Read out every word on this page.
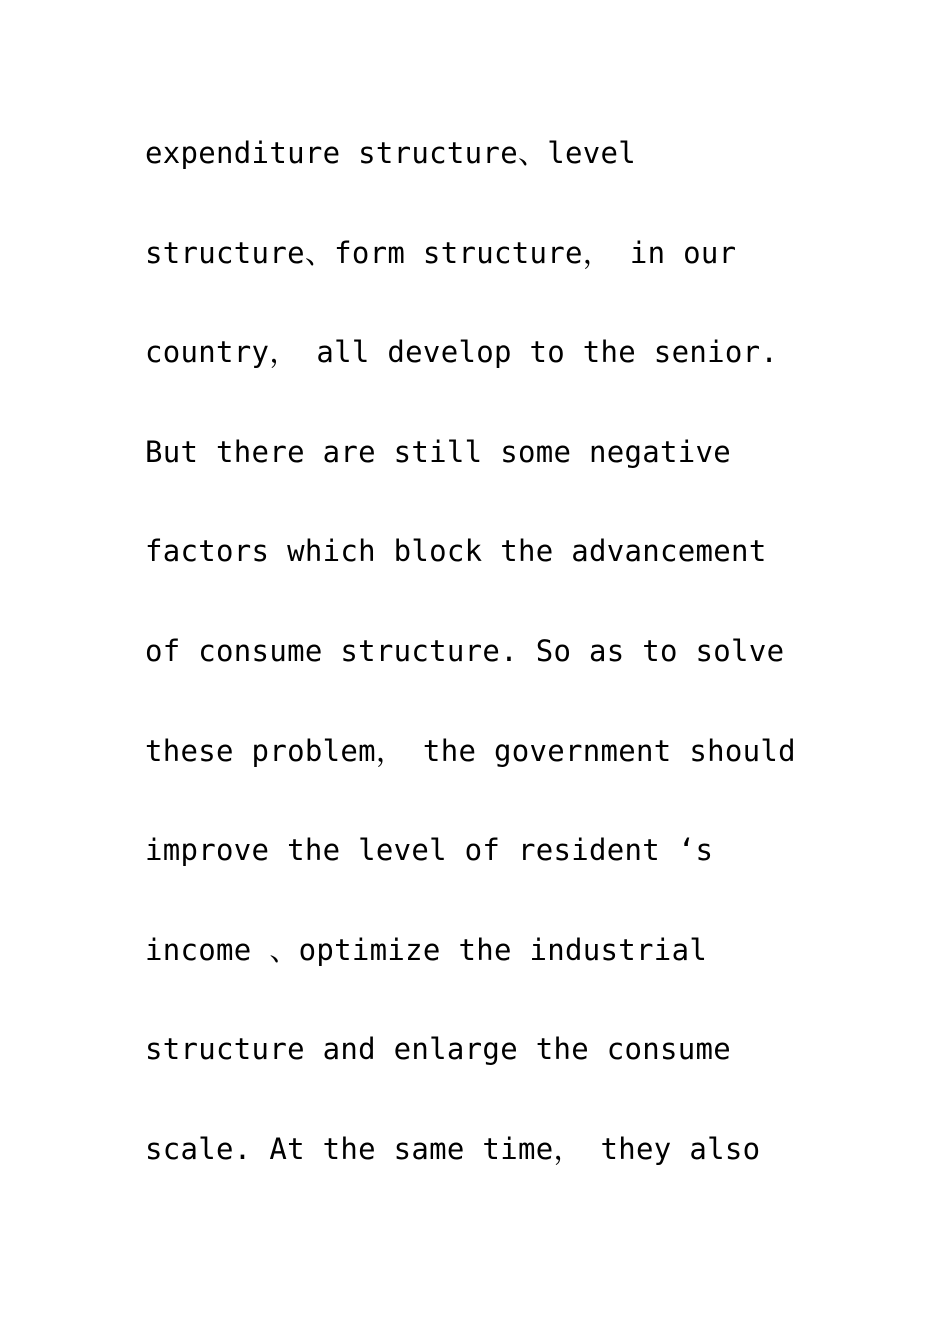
expenditure structure、level
structure、form structure， in our
country， all develop to the senior.
But there are still some negative
factors which block the advancement
of consume structure. So as to solve
these problem， the government should
improve the level of resident ‘s
income 、optimize the industrial
structure and enlarge the consume
scale. At the same time， they also
